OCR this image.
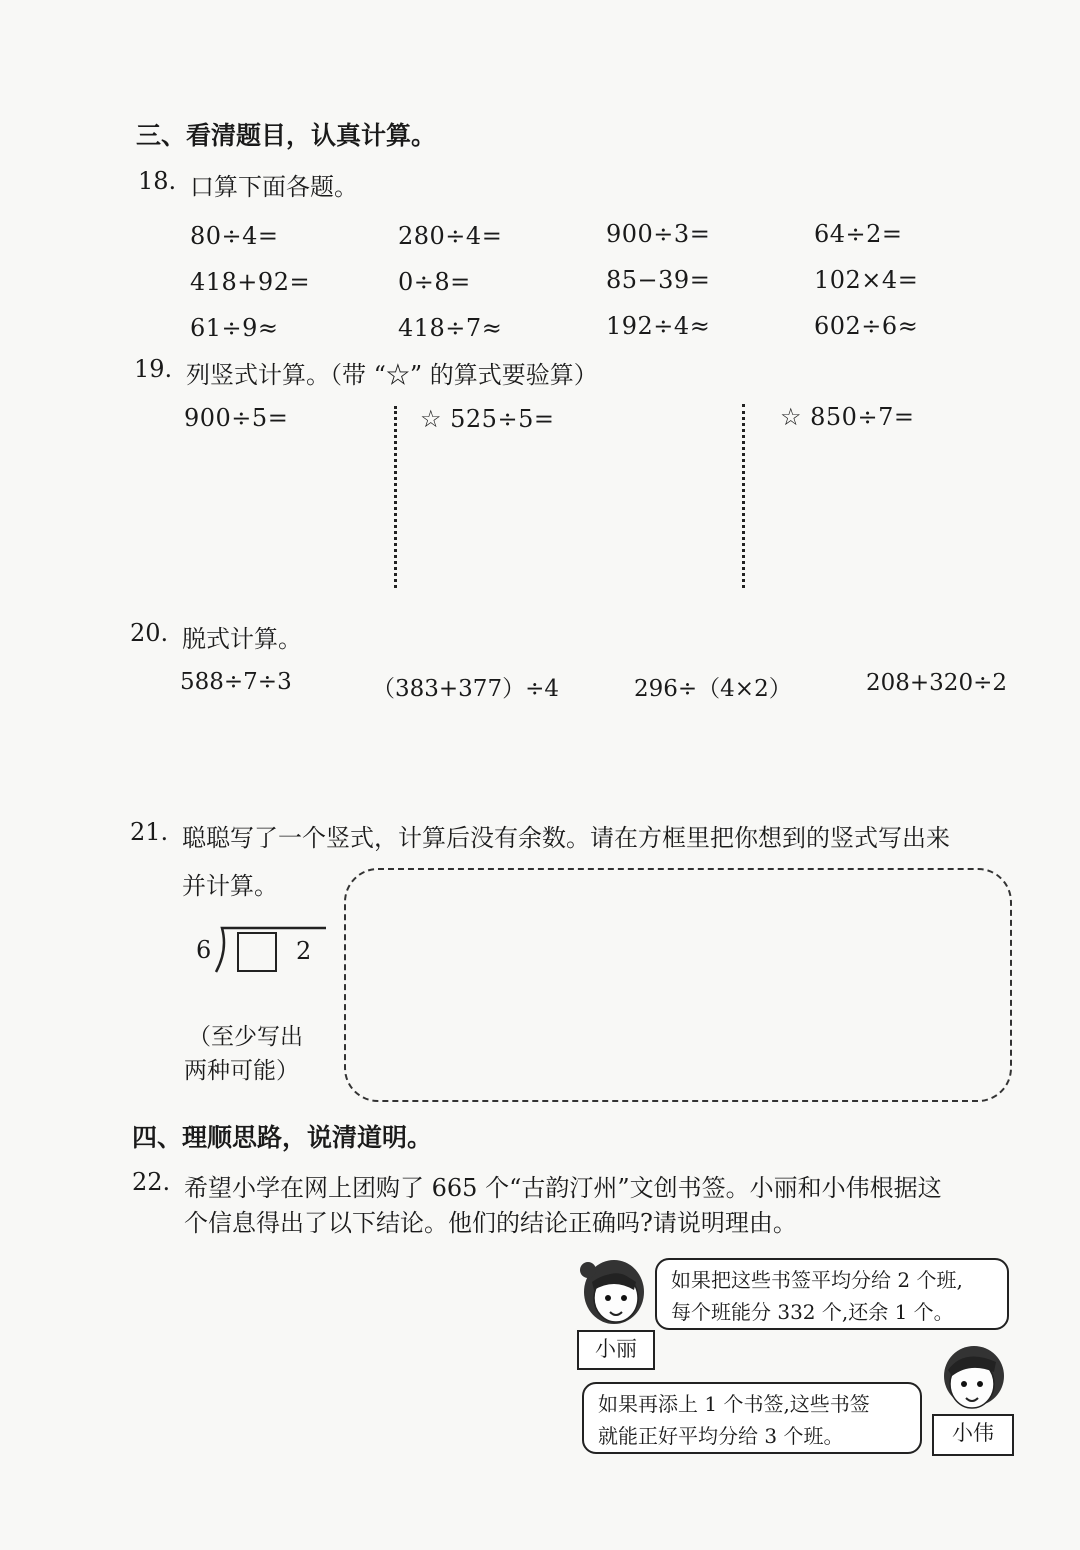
三、看清题目，认真计算。
18. 口算下面各题。
80÷4=	280÷4=	900÷3=	64÷2=
418+92=	0÷8=	85−39=	102×4=
61÷9≈	418÷7≈	192÷4≈	602÷6≈
19. 列竖式计算。（带 “☆” 的算式要验算）
900÷5=	☆ 525÷5=	☆ 850÷7=
20. 脱式计算。
588÷7÷3	（383+377）÷4	296÷（4×2）	208+320÷2
21. 聪聪写了一个竖式，计算后没有余数。请在方框里把你想到的竖式写出来
并计算。
6	2
（至少写出
两种可能）
四、理顺思路，说清道明。
22. 希望小学在网上团购了 665 个“古韵汀州”文创书签。小丽和小伟根据这
个信息得出了以下结论。他们的结论正确吗?请说明理由。
小丽
如果把这些书签平均分给 2 个班,
每个班能分 332 个,还余 1 个。
小伟
如果再添上 1 个书签,这些书签
就能正好平均分给 3 个班。
